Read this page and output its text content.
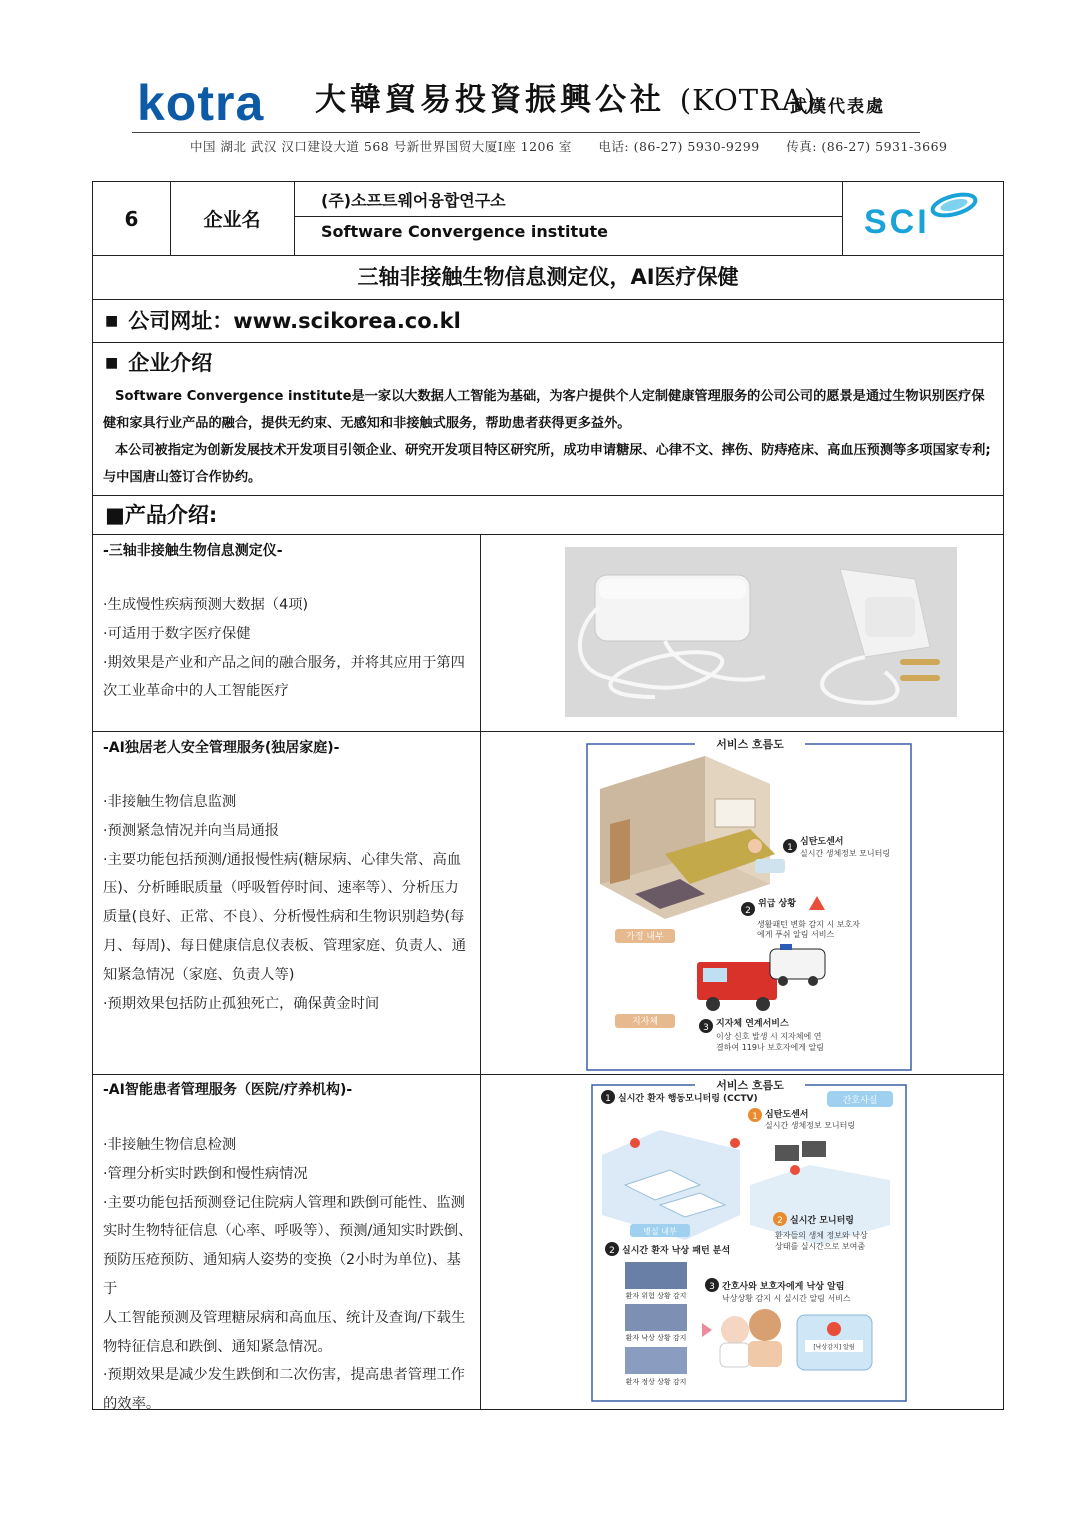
kotra 大韓貿易投資振興公社 (KOTRA)
武漢代表處
中国 湖北 武汉 汉口建设大道 568 号新世界国贸大厦Ⅰ座 1206 室 电话: (86-27) 5930-9299 传真: (86-27) 5931-3669
6	企业名
(주)소프트웨어융합연구소
Software Convergence institute	SCI
三轴非接触生物信息测定仪，AI医疗保健
■ 公司网址：www.scikorea.co.kl
■ 企业介绍

Software Convergence institute是一家以大数据人工智能为基础，为客户提供个人定制健康管理服务的公司公司的愿景是通过生物识别医疗保健和家具行业产品的融合，提供无约束、无感知和非接触式服务，帮助患者获得更多益外。

本公司被指定为创新发展技术开发项目引领企业、研究开发项目特区研究所，成功申请糖尿、心律不文、摔伤、防痔疮床、高血压预测等多项国家专利;与中国唐山签订合作协约。

■产品介绍:
-三轴非接触生物信息测定仪-
·生成慢性疾病预测大数据（4项)
·可适用于数字医疗保健
·期效果是产业和产品之间的融合服务，并将其应用于第四
次工业革命中的人工智能医疗
-AI独居老人安全管理服务(独居家庭)-
·非接触生物信息监测
·预测紧急情况并向当局通报
·主要功能包括预测/通报慢性病(糖尿病、心律失常、高血
压)、分析睡眠质量（呼吸暂停时间、速率等）、分析压力
质量(良好、正常、不良）、分析慢性病和生物识别趋势(每
月、每周)、每日健康信息仪表板、管理家庭、负责人、通
知紧急情况（家庭、负责人等)
·预期效果包括防止孤独死亡，确保黄金时间
서비스 흐름도
가정 내부
1
심탄도센서
실시간 생체정보 모니터링
2
위급 상황
생활패턴 변화 감지 시 보호자
에게 푸쉬 알림 서비스
지자체
3 지자체 연계서비스
이상 신호 발생 시 지자체에 연
결하여 119나 보호자에게 알림
-AI智能患者管理服务（医院/疗养机构)-
·非接触生物信息检测
·管理分析实时跌倒和慢性病情况
·主要功能包括预测登记住院病人管理和跌倒可能性、监测
实时生物特征信息（心率、呼吸等）、预测/通知实时跌倒、
预防压疮预防、通知病人姿势的变换（2小时为单位)、基于
人工智能预测及管理糖尿病和高血压、统计及查询/下载生
物特征信息和跌倒、通知紧急情况。
·预期效果是减少发生跌倒和二次伤害，提高患者管理工作
的效率。
서비스 흐름도
1 실시간 환자 행동모니터링 (CCTV)	간호사실
1 심탄도센서
실시간 생체정보 모니터링
2 실시간 모니터링
환자들의 생체 정보와 낙상
상태를 실시간으로 보여줌
병실 내부
2 실시간 환자 낙상 패턴 분석
환자 위험 상황 감지
환자 낙상 상황 감지
환자 정상 상황 감지
3 간호사와 보호자에게 낙상 알림
낙상상황 감지 시 실시간 알림 서비스
[낙상감지] 알림
